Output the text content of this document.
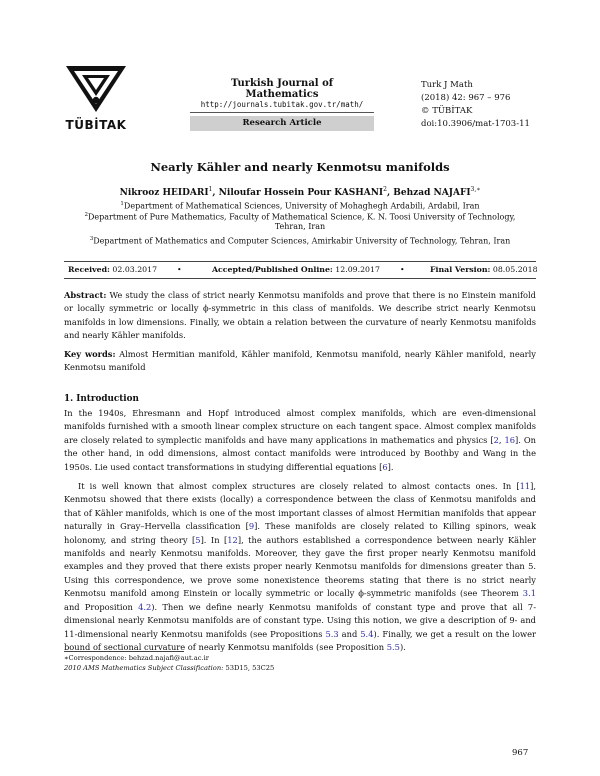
TÜBİTAK
Turkish Journal of Mathematics
http://journals.tubitak.gov.tr/math/
Research Article
Turk J Math
(2018) 42: 967 – 976
© TÜBİTAK
doi:10.3906/mat-1703-11
Nearly Kähler and nearly Kenmotsu manifolds
Nikrooz HEIDARI$^1$, Niloufar Hossein Pour KASHANI$^2$, Behzad $NAJAFI^{3,∗}$
$^1$Department of Mathematical Sciences, University of Mohaghegh Ardabili, Ardabil, Iran
$^2$Department of Pure Mathematics, Faculty of Mathematical Science, K. N. Toosi University of Technology,
Tehran, Iran
$^3$Department of Mathematics and Computer Sciences, Amirkabir University of Technology, Tehran, Iran
Received: 02.03.2017	•	Accepted/Published Online: 12.09.2017	•	Final Version: 08.05.2018

Abstract: We study the class of strict nearly Kenmotsu manifolds and prove that there is no Einstein manifold or locally symmetric or locally ϕ-symmetric in this class of manifolds. We describe strict nearly Kenmotsu manifolds in low dimensions. Finally, we obtain a relation between the curvature of nearly Kenmotsu manifolds and nearly Kähler manifolds.

Key words: Almost Hermitian manifold, Kähler manifold, Kenmotsu manifold, nearly Kähler manifold, nearly Kenmotsu manifold

1. Introduction

In the 1940s, Ehresmann and Hopf introduced almost complex manifolds, which are even-dimensional manifolds furnished with a smooth linear complex structure on each tangent space. Almost complex manifolds are closely related to symplectic manifolds and have many applications in mathematics and physics [2, 16]. On the other hand, in odd dimensions, almost contact manifolds were introduced by Boothby and Wang in the 1950s. Lie used contact transformations in studying differential equations [6].

It is well known that almost complex structures are closely related to almost contacts ones. In [11], Kenmotsu showed that there exists (locally) a correspondence between the class of Kenmotsu manifolds and that of Kähler manifolds, which is one of the most important classes of almost Hermitian manifolds that appear naturally in Gray–Hervella classification [9]. These manifolds are closely related to Killing spinors, weak holonomy, and string theory [5]. In [12], the authors established a correspondence between nearly Kähler manifolds and nearly Kenmotsu manifolds. Moreover, they gave the first proper nearly Kenmotsu manifold examples and they proved that there exists proper nearly Kenmotsu manifolds for dimensions greater than 5. Using this correspondence, we prove some nonexistence theorems stating that there is no strict nearly Kenmotsu manifold among Einstein or locally symmetric or locally ϕ-symmetric manifolds (see Theorem 3.1 and Proposition 4.2). Then we define nearly Kenmotsu manifolds of constant type and prove that all 7-dimensional nearly Kenmotsu manifolds are of constant type. Using this notion, we give a description of 9- and 11-dimensional nearly Kenmotsu manifolds (see Propositions 5.3 and 5.4). Finally, we get a result on the lower bound of sectional curvature of nearly Kenmotsu manifolds (see Proposition 5.5).

∗Correspondence: behzad.najafi@aut.ac.ir
2010 AMS Mathematics Subject Classification: 53D15, 53C25
967
